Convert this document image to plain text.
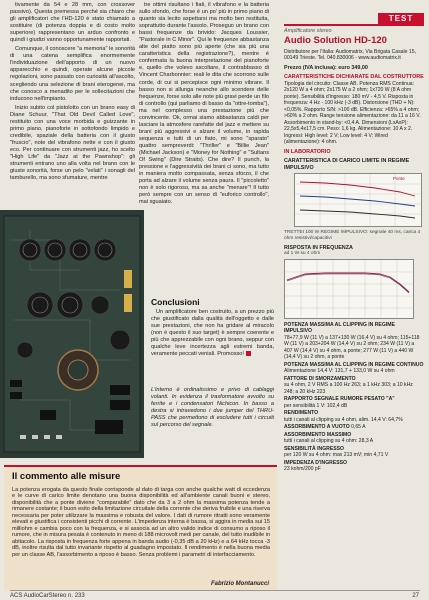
tivamente da 54 e 28 mm, con crossover passivo). Questa premessa perché sia chiaro che gli amplificatori che l'HD-120 è stato chiamato a sostituire (di potenza doppia e di costo molto superiore) rappresentano un arduo confronto e quindi i giudizi vanno opportunamente rapportati.

Comunque, il conoscere "a memoria" le sonorità di una catena semplifica enormemente l'individuazione dell'apporto di un nuovo apparecchio e quindi, operate alcune piccole regolazioni, sono passato con curiosità all'ascolto, scegliendo una selezione di brani eterogenei, ma che conosco a menadito per le sollecitazioni che inducono nell'impianto.

Inizio subito col pistolotto con un brano easy di Diane Schuur, "That Old Devil Called Love", restituito con una voce morbida e guizzante in primo piano, pianoforte in sottofondo limpido e credibile, spaziale della batteria con il giusto "fruscio", note del vibrafono nette e con il giusto eco. Per continuare con strumenti jazz, ho scelto "High Life" da "Jazz at the Pawnshop": gli strumenti entrano uno alla volta nel brano con le giuste sonorità, forse un pelo "velati" i sonagli del tamburello, ma sono sfumature, mentre

tre ottimi risultano i fiati, il vibrafono e la batteria sullo sfondo, che forse è un po' più in primo piano di quanto sia lecito aspettarsi ma molto ben restituita, soprattutto durante l'assolo. Proseguo un brano con bassi frequenze da brivido: Jacques Loussier, "Pastorale in C Minor". Qui le frequenze abbastanza alte del piatto sono più aperte (che sia più una caratteristica della registrazione?), mentre è confermata la buona interpretazione del pianoforte e, quello che volevo ascoltare, il contrabbasso di Vincent Charbonnier: reali le dita che scorrono sulle corde, di cui si percepisce ogni minimo vibrare. Il basso non si allunga neanche allo scendere delle frequenze, forse solo alle note più gravi perde un filo di controllo (qui parliamo di basso da "ottre-tomba"), ma nel complesso una prestazione più che convincente. Ok, ormai siamo abbastanza caldi per lasciare la atmosfere rarefatte del jazz e mettere su brani più aggressivi e alzare il volume, in rapida sequenza e tutti di un fiato, mi sono "sparato" quattro sempreverdi: "Thriller" e "Billie Jean" (Michael Jackson) e "Money for Nothing" e "Sultans Of Swing" (Dire Straits). Che dire? Il punch, la pressione e l'aggressività dei brani ci sono, ma tutto in maniera molto compassata, senza sforzo, il che porta ad alzare il volume senza paura. Il "piccoletto" non è solo rigoroso, ma sa anche "menare"! Il tutto però sempre con un senso di "euforico controllo", mai sguaiato.

TEST
Conclusioni

Un amplificatore ben costruito, a un prezzo più che giustificato dalla qualità dell'oggetto e dalle sue prestazioni, che non ha gridare al miracolo (non è questo il suo target) è sempre coerente e più che apprezzabile con ogni brano, seppur con qualche leve incertezza agli estremi banda, veramente peccati veniali. Promosso!

L'interno è ordinatissimo e privo di cablaggi volanti. In evidenza il trasformatore avvolto su ferrite e i condensatori Nichicon. In basso a destra si intravedono i due jumper del THRU-PASS che permettono di escludere tutti i circuiti sul percorso del segnale.
Il commento alle misure
La potenza erogata da questo finale corrisponde al dato di targa con anche qualche watt di eccedenza e le curve di carico limite denotano una buona disponibilità ed all'ambiente canali buoni e stereo, disponibilità che a ponte diviene "comparabile" dato che da 3 a 2 ohm la massima potenza tende a rimanere costante; il buon esito della limitazione circuitale della corrente che deriva fruibile e una riserva necessaria per poter utilizzare la massima e robusta del valore. I dati di rumore ritratti sono veramente elevati e giustifica i consistenti picchi di corrente. L'impedenza interna è bassa, si aggira in media sui 15 milliohm e cambia poco con la frequenza, e si associa ad un altro valido indice di consumo a riposo il rumore, che in misura pesata è contenuto in meno di 188 microvolt medi per canale, del tutto inudibile in abitacolo. La risposta in frequenza forte appena in banda audio (-0,35 dB a 20 kHz) e a 64 kHz tocca -3 dB, inoltre risulta dal tutto invariante rispetto al guadagno impostato. Il rendimento è nella buona media per un classe AB, l'assorbimento a riposo è basso. Senza problemi i parametri di interfacciamento.
Fabrizio Montanucci
Amplificatore stereo
Audio Solution HD-120
Distributore per l'Italia: Audiomatrix, Via Brigata Casale 15, 00149 Trieste. Tel. 040.830006 - www.audiomatrix.it
Prezzo (IVA inclusa): euro 349,00
CARATTERISTICHE DICHIARATE DAL COSTRUTTORE
Tipologia del circuito: Classe AB. Potenza RMS Continua: 2x120 W a 4 ohm; 2x175 W a 2 ohm; 1x720 W (8 A ohm ponte). Sensibilità d'ingresso: 180 mV - 4,5 V. Risposta in frequenza: 4 Hz - 100 kHz (-3 dB). Distorsione (THD + N): <0,05%. Rapporto S/N: >100 dB. Efficienza: >65% a 4 ohm; >60% a 2 ohm. Range tensione alimentazione: da 11 a 16 V. Assorbimento in stand-by: <0,4 A. Dimensioni (LxAxP): 22,5x5,4x17,5 cm. Peso: 1,6 kg. Alimentazione: 10 A x 2. Ingressi: High level: 2 V; Low level: 4 V; Wired (alimentazione): 4 ohm.
IN LABORATORIO
CARATTERISTICA DI CARICO LIMITE IN REGIME IMPULSIVO
Ponte
TRETTEI 100 W REGIME IMPULSIVO: segnale 40 ms, carica 4 ohm resistivi/capacitivi
RISPOSTA IN FREQUENZA
ad 1 W su 4 ohm
POTENZA MASSIMA AL CLIPPING IN REGIME IMPULSIVO
78+77,9 W (11 V) a 137+130 W (16,4 V) su 4 ohm; 115+118 W (11 V) a 203+204 W (14,4 V) su 2 ohm; 234 W (11 V) a 407 W (14,4 V) su 4 ohm, a ponte; 277 W (11 V) a 440 W (14,4 V) su 2 ohm, a ponte
POTENZA MASSIMA AL CLIPPING IN REGIME CONTINUO
Alimentazione 14,4 V: 131,7 + 133,0 W su 4 ohm
FATTORE DI SMORZAMENTO
su 4 ohm, 2 V RMS a 100 Hz 263; a 1 kHz 303; a 10 kHz 248; a 20 kHz 223
RAPPORTO SEGNALE RUMORE PESATO "A"
per sensibilità 1 V: 102,4 dB
RENDIMENTO
tutti i canali al clipping su 4 ohm, alim. 14,4 V: 64,7%
ASSORBIMENTO A VUOTO 0,65 A
ASSORBIMENTO MASSIMO
tutti i canali al clipping su 4 ohm: 28,3 A
SENSIBILITÀ INGRESSO
per 120 W su 4 ohm: max 213 mV; min 4,71 V
IMPEDENZA D'INGRESSO
23 kohm/200 pF
ACS AudioCarStereo n. 233	27
